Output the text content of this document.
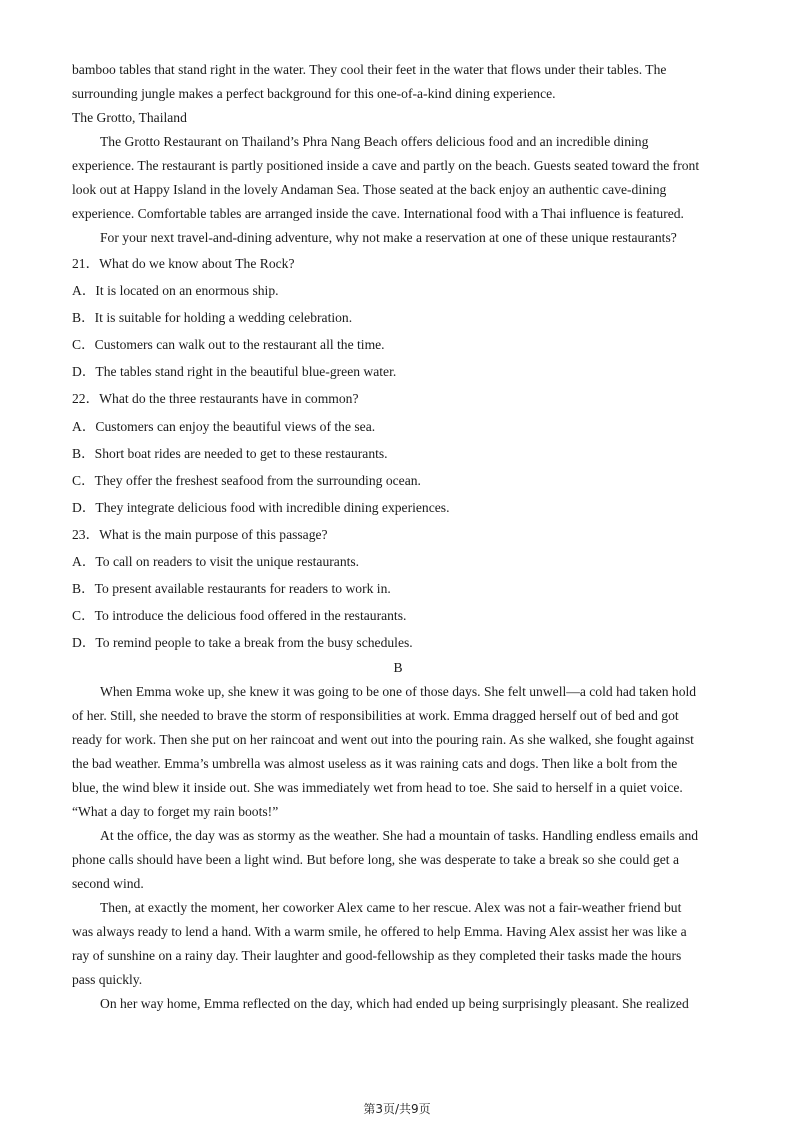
bamboo tables that stand right in the water. They cool their feet in the water that flows under their tables. The
surrounding jungle makes a perfect background for this one-of-a-kind dining experience.
The Grotto, Thailand
The Grotto Restaurant on Thailand’s Phra Nang Beach offers delicious food and an incredible dining
experience. The restaurant is partly positioned inside a cave and partly on the beach. Guests seated toward the front
look out at Happy Island in the lovely Andaman Sea. Those seated at the back enjoy an authentic cave-dining
experience. Comfortable tables are arranged inside the cave. International food with a Thai influence is featured.
For your next travel-and-dining adventure, why not make a reservation at one of these unique restaurants?
21．What do we know about The Rock?
A．It is located on an enormous ship.
B．It is suitable for holding a wedding celebration.
C．Customers can walk out to the restaurant all the time.
D．The tables stand right in the beautiful blue-green water.
22．What do the three restaurants have in common?
A．Customers can enjoy the beautiful views of the sea.
B．Short boat rides are needed to get to these restaurants.
C．They offer the freshest seafood from the surrounding ocean.
D．They integrate delicious food with incredible dining experiences.
23．What is the main purpose of this passage?
A．To call on readers to visit the unique restaurants.
B．To present available restaurants for readers to work in.
C．To introduce the delicious food offered in the restaurants.
D．To remind people to take a break from the busy schedules.
B
When Emma woke up, she knew it was going to be one of those days. She felt unwell—a cold had taken hold
of her. Still, she needed to brave the storm of responsibilities at work. Emma dragged herself out of bed and got
ready for work. Then she put on her raincoat and went out into the pouring rain. As she walked, she fought against
the bad weather. Emma’s umbrella was almost useless as it was raining cats and dogs. Then like a bolt from the
blue, the wind blew it inside out. She was immediately wet from head to toe. She said to herself in a quiet voice.
“What a day to forget my rain boots!”
At the office, the day was as stormy as the weather. She had a mountain of tasks. Handling endless emails and
phone calls should have been a light wind. But before long, she was desperate to take a break so she could get a
second wind.
Then, at exactly the moment, her coworker Alex came to her rescue. Alex was not a fair-weather friend but
was always ready to lend a hand. With a warm smile, he offered to help Emma. Having Alex assist her was like a
ray of sunshine on a rainy day. Their laughter and good-fellowship as they completed their tasks made the hours
pass quickly.
On her way home, Emma reflected on the day, which had ended up being surprisingly pleasant. She realized
第3页/共9页
